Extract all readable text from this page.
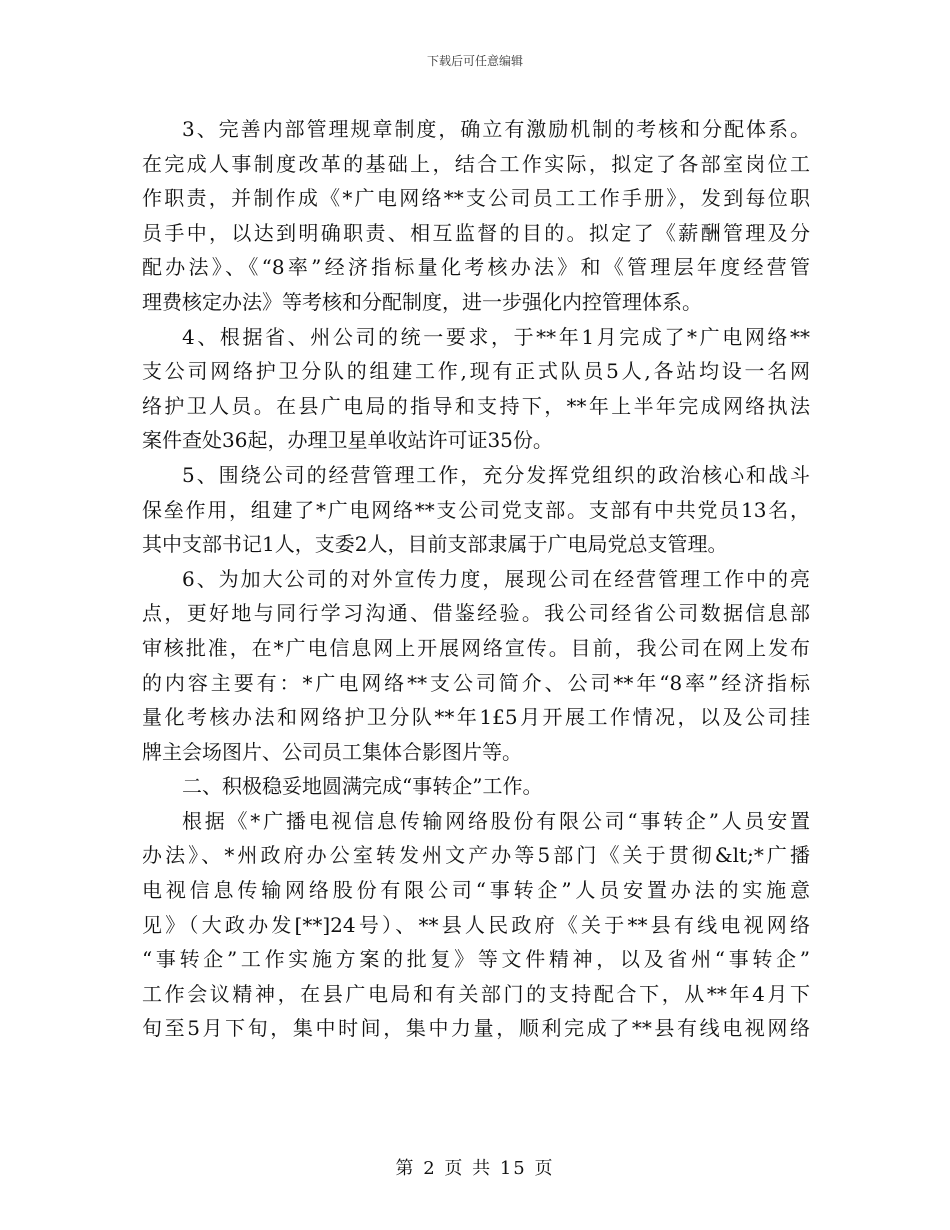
下载后可任意编辑
3、完善内部管理规章制度，确立有激励机制的考核和分配体系。
在完成人事制度改革的基础上，结合工作实际，拟定了各部室岗位工
作职责，并制作成《*广电网络**支公司员工工作手册》，发到每位职
员手中，以达到明确职责、相互监督的目的。拟定了《薪酬管理及分
配办法》、《“8率”经济指标量化考核办法》和《管理层年度经营管
理费核定办法》等考核和分配制度，进一步强化内控管理体系。
4、根据省、州公司的统一要求，于**年1月完成了*广电网络**
支公司网络护卫分队的组建工作,现有正式队员5人,各站均设一名网
络护卫人员。在县广电局的指导和支持下，**年上半年完成网络执法
案件查处36起，办理卫星单收站许可证35份。
5、围绕公司的经营管理工作，充分发挥党组织的政治核心和战斗
保垒作用，组建了*广电网络**支公司党支部。支部有中共党员13名，
其中支部书记1人，支委2人，目前支部隶属于广电局党总支管理。
6、为加大公司的对外宣传力度，展现公司在经营管理工作中的亮
点，更好地与同行学习沟通、借鉴经验。我公司经省公司数据信息部
审核批准，在*广电信息网上开展网络宣传。目前，我公司在网上发布
的内容主要有：*广电网络**支公司简介、公司**年“8率”经济指标
量化考核办法和网络护卫分队**年1£5月开展工作情况，以及公司挂
牌主会场图片、公司员工集体合影图片等。
二、积极稳妥地圆满完成“事转企”工作。
根据《*广播电视信息传输网络股份有限公司“事转企”人员安置
办法》、*州政府办公室转发州文产办等5部门《关于贯彻&lt;*广播
电视信息传输网络股份有限公司“事转企”人员安置办法的实施意
见》（大政办发[**]24号）、**县人民政府《关于**县有线电视网络
“事转企”工作实施方案的批复》等文件精神，以及省州“事转企”
工作会议精神，在县广电局和有关部门的支持配合下，从**年4月下
旬至5月下旬，集中时间，集中力量，顺利完成了**县有线电视网络
第 2 页 共 15 页
